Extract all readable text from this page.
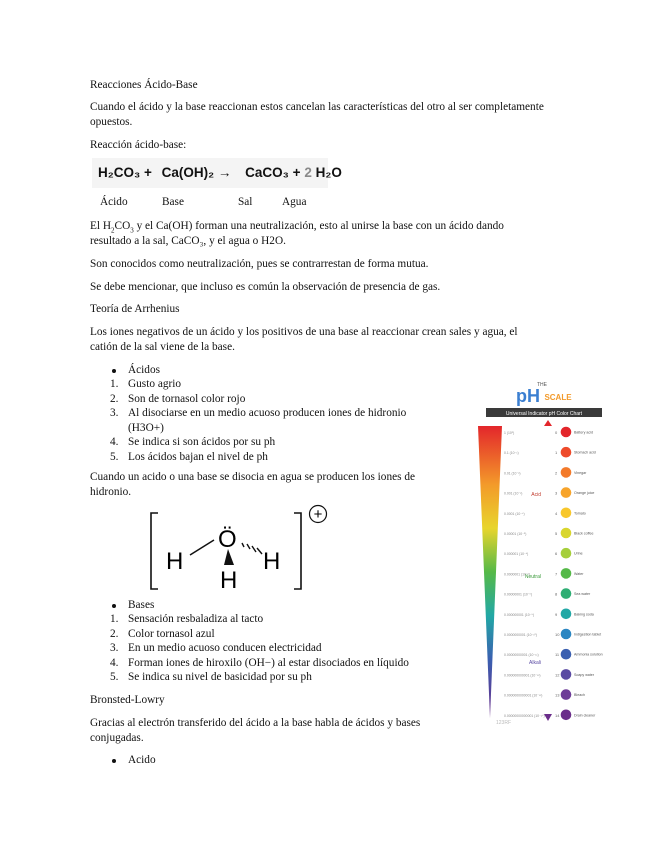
Reacciones Ácido-Base
Cuando el ácido y la base reaccionan estos cancelan las características del otro al ser completamente opuestos.
Reacción ácido-base:
H₂CO₃ + Ca(OH)₂ → CaCO₃ + 2 H₂O
Ácido	Base	Sal	Agua
El $H_2CO_3$ y el Ca(OH) forman una neutralización, esto al unirse la base con un ácido dando resultado a la sal, CaCO₃, y el agua o H2O.
Son conocidos como neutralización, pues se contrarrestan de forma mutua.
Se debe mencionar, que incluso es común la observación de presencia de gas.
Teoría de Arrhenius
Los iones negativos de un ácido y los positivos de una base al reaccionar crean sales y agua, el catión de la sal viene de la base.
Ácidos
1. Gusto agrio
2. Son de tornasol color rojo
3. Al disociarse en un medio acuoso producen iones de hidronio (H3O+)
4. Se indica si son ácidos por su ph
5. Los ácidos bajan el nivel de ph
Cuando un acido o una base se disocia en agua se producen los iones de hidronio.
Ö
H	H
H
+
Bases
1. Sensación resbaladiza al tacto
2. Color tornasol azul
3. En un medio acuoso conducen electricidad
4. Forman iones de hiroxilo (OH−) al estar disociados en líquido
5. Se indica su nivel de basicidad por su ph
Bronsted-Lowry
Gracias al electrón transferido del ácido a la base habla de ácidos y bases conjugadas.
Acido
THE
pH SCALE
Universal Indicator pH Color Chart
Acid
Neutral
Alkali
1 (10⁰)	0	Battery acid
0.1 (10⁻¹)	1	Stomach acid
0.01 (10⁻²)	2	Vinegar
0.001 (10⁻³)	3	Orange juice
0.0001 (10⁻⁴)	4	Tomato
0.00001 (10⁻⁵)	5	Black coffee
0.000001 (10⁻⁶)	6	Urine
0.0000001 (10⁻⁷)	7	Water
0.00000001 (10⁻⁸)	8	Sea water
0.000000001 (10⁻⁹)	9	Baking soda
0.0000000001 (10⁻¹⁰)	10	Indigestion tablet
0.00000000001 (10⁻¹¹)	11	Ammonia solution
0.000000000001 (10⁻¹²)	12	Soapy water
0.0000000000001 (10⁻¹³)	13	Bleach
0.00000000000001 (10⁻¹⁴)	14	Drain cleaner
123RF
